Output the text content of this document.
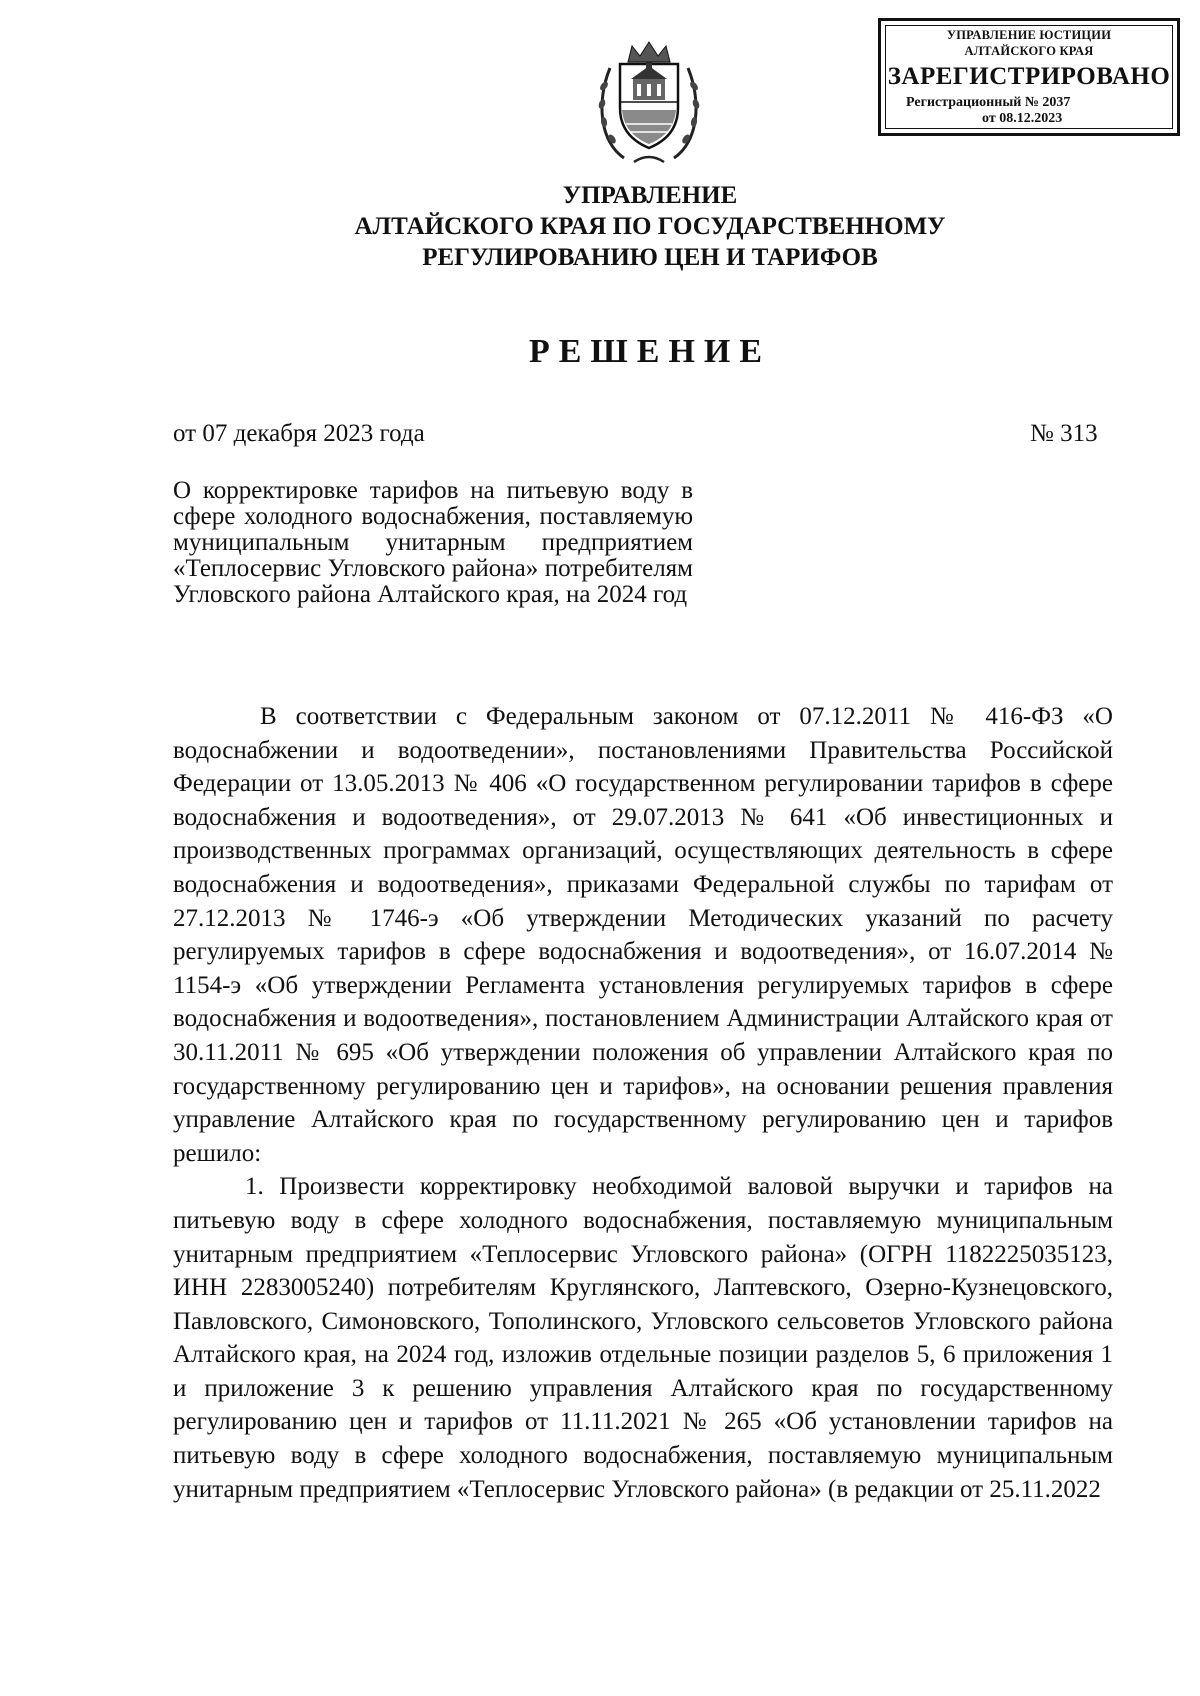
УПРАВЛЕНИЕ ЮСТИЦИИ
АЛТАЙСКОГО КРАЯ
ЗАРЕГИСТРИРОВАНО
Регистрационный № 2037
от 08.12.2023
УПРАВЛЕНИЕ
АЛТАЙСКОГО КРАЯ ПО ГОСУДАРСТВЕННОМУ
РЕГУЛИРОВАНИЮ ЦЕН И ТАРИФОВ
РЕШЕНИЕ
от 07 декабря 2023 года	№ 313
О корректировке тарифов на питьевую воду в сфере холодного водоснабжения, поставляемую муниципальным унитарным предприятием «Теплосервис Угловского района» потребителям Угловского района Алтайского края, на 2024 год

В соответствии с Федеральным законом от 07.12.2011 № 416-ФЗ «О водоснабжении и водоотведении», постановлениями Правительства Российской Федерации от 13.05.2013 № 406 «О государственном регулировании тарифов в сфере водоснабжения и водоотведения», от 29.07.2013 № 641 «Об инвестиционных и производственных программах организаций, осуществляющих деятельность в сфере водоснабжения и водоотведения», приказами Федеральной службы по тарифам от 27.12.2013 № 1746-э «Об утверждении Методических указаний по расчету регулируемых тарифов в сфере водоснабжения и водоотведения», от 16.07.2014 № 1154-э «Об утверждении Регламента установления регулируемых тарифов в сфере водоснабжения и водоотведения», постановлением Администрации Алтайского края от 30.11.2011 № 695 «Об утверждении положения об управлении Алтайского края по государственному регулированию цен и тарифов», на основании решения правления управление Алтайского края по государственному регулированию цен и тарифов решило:

1. Произвести корректировку необходимой валовой выручки и тарифов на питьевую воду в сфере холодного водоснабжения, поставляемую муниципальным унитарным предприятием «Теплосервис Угловского района» (ОГРН 1182225035123, ИНН 2283005240) потребителям Круглянского, Лаптевского, Озерно-Кузнецовского, Павловского, Симоновского, Тополинского, Угловского сельсоветов Угловского района Алтайского края, на 2024 год, изложив отдельные позиции разделов 5, 6 приложения 1 и приложение 3 к решению управления Алтайского края по государственному регулированию цен и тарифов от 11.11.2021 № 265 «Об установлении тарифов на питьевую воду в сфере холодного водоснабжения, поставляемую муниципальным унитарным предприятием «Теплосервис Угловского района» (в редакции от 25.11.2022
